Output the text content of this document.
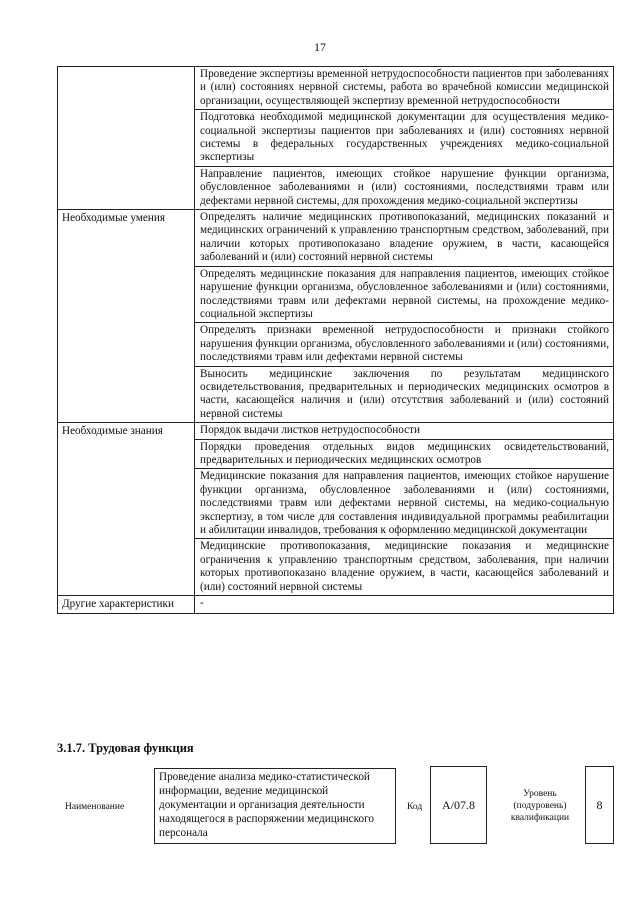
17
	Проведение экспертизы временной нетрудоспособности пациентов при заболеваниях и (или) состояниях нервной системы, работа во врачебной комиссии медицинской организации, осуществляющей экспертизу временной нетрудоспособности
	Подготовка необходимой медицинской документации для осуществления медико-социальной экспертизы пациентов при заболеваниях и (или) состояниях нервной системы в федеральных государственных учреждениях медико-социальной экспертизы
	Направление пациентов, имеющих стойкое нарушение функции организма, обусловленное заболеваниями и (или) состояниями, последствиями травм или дефектами нервной системы, для прохождения медико-социальной экспертизы
Необходимые умения	Определять наличие медицинских противопоказаний, медицинских показаний и медицинских ограничений к управлению транспортным средством, заболеваний, при наличии которых противопоказано владение оружием, в части, касающейся заболеваний и (или) состояний нервной системы
	Определять медицинские показания для направления пациентов, имеющих стойкое нарушение функции организма, обусловленное заболеваниями и (или) состояниями, последствиями травм или дефектами нервной системы, на прохождение медико-социальной экспертизы
	Определять признаки временной нетрудоспособности и признаки стойкого нарушения функции организма, обусловленного заболеваниями и (или) состояниями, последствиями травм или дефектами нервной системы
	Выносить медицинские заключения по результатам медицинского освидетельствования, предварительных и периодических медицинских осмотров в части, касающейся наличия и (или) отсутствия заболеваний и (или) состояний нервной системы
Необходимые знания	Порядок выдачи листков нетрудоспособности
	Порядки проведения отдельных видов медицинских освидетельствований, предварительных и периодических медицинских осмотров
	Медицинские показания для направления пациентов, имеющих стойкое нарушение функции организма, обусловленное заболеваниями и (или) состояниями, последствиями травм или дефектами нервной системы, на медико-социальную экспертизу, в том числе для составления индивидуальной программы реабилитации и абилитации инвалидов, требования к оформлению медицинской документации
	Медицинские противопоказания, медицинские показания и медицинские ограничения к управлению транспортным средством, заболевания, при наличии которых противопоказано владение оружием, в части, касающейся заболеваний и (или) состояний нервной системы
Другие характеристики	-
3.1.7. Трудовая функция
Наименование
Проведение анализа медико-статистической информации, ведение медицинской документации и организация деятельности находящегося в распоряжении медицинского персонала
Код	A/07.8
Уровень (подуровень) квалификации
8
